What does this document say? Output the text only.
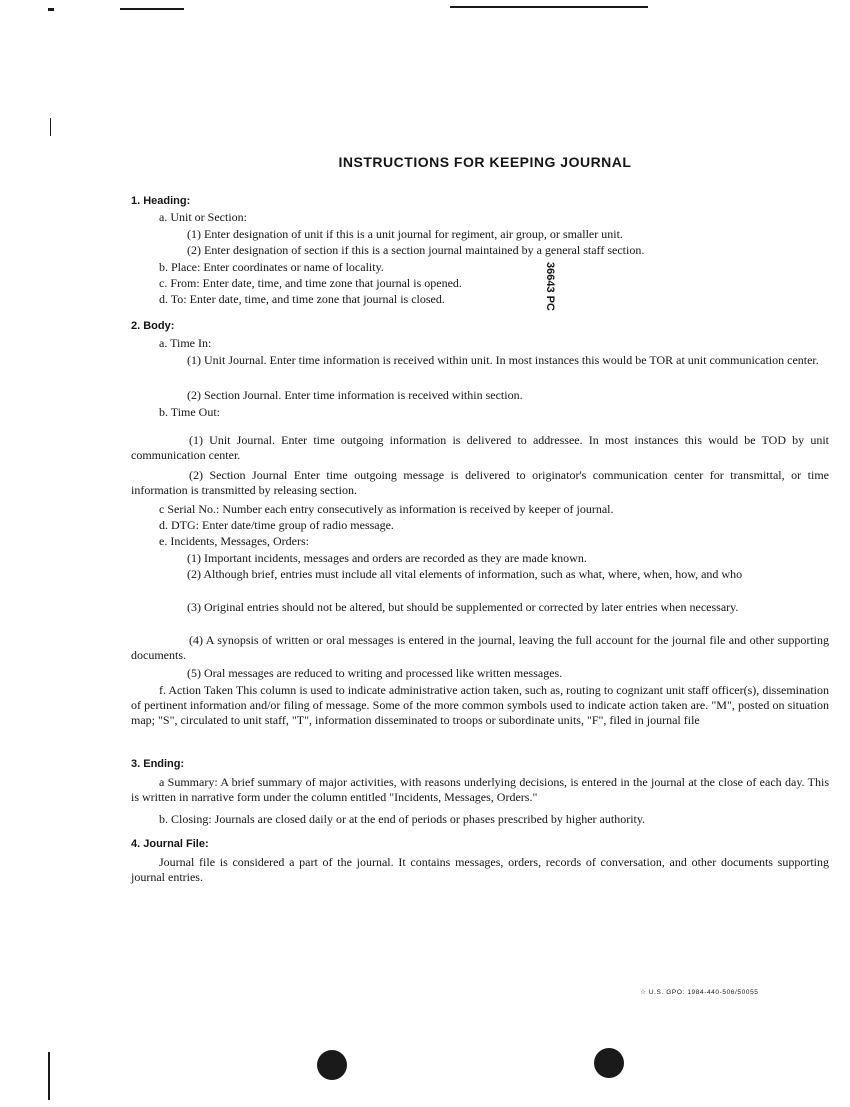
36643 PC
INSTRUCTIONS FOR KEEPING JOURNAL
1. Heading:
a. Unit or Section:
(1) Enter designation of unit if this is a unit journal for regiment, air group, or smaller unit.
(2) Enter designation of section if this is a section journal maintained by a general staff section.
b. Place: Enter coordinates or name of locality.
c. From: Enter date, time, and time zone that journal is opened.
d. To: Enter date, time, and time zone that journal is closed.
2. Body:
a. Time In:
(1) Unit Journal. Enter time information is received within unit. In most instances this would be TOR at unit communication center.
(2) Section Journal. Enter time information is received within section.
b. Time Out:
(1) Unit Journal. Enter time outgoing information is delivered to addressee. In most instances this would be TOD by unit communication center.
(2) Section Journal Enter time outgoing message is delivered to originator's communication center for transmittal, or time information is transmitted by releasing section.
c Serial No.: Number each entry consecutively as information is received by keeper of journal.
d. DTG: Enter date/time group of radio message.
e. Incidents, Messages, Orders:
(1) Important incidents, messages and orders are recorded as they are made known.
(2) Although brief, entries must include all vital elements of information, such as what, where, when, how, and who
(3) Original entries should not be altered, but should be supplemented or corrected by later entries when necessary.
(4) A synopsis of written or oral messages is entered in the journal, leaving the full account for the journal file and other supporting documents.
(5) Oral messages are reduced to writing and processed like written messages.
f. Action Taken This column is used to indicate administrative action taken, such as, routing to cognizant unit staff officer(s), dissemination of pertinent information and/or filing of message. Some of the more common symbols used to indicate action taken are. "M", posted on situation map; "S", circulated to unit staff, "T", information disseminated to troops or subordinate units, "F", filed in journal file
3. Ending:
a Summary: A brief summary of major activities, with reasons underlying decisions, is entered in the journal at the close of each day. This is written in narrative form under the column entitled "Incidents, Messages, Orders."
b. Closing: Journals are closed daily or at the end of periods or phases prescribed by higher authority.
4. Journal File:
Journal file is considered a part of the journal. It contains messages, orders, records of conversation, and other documents supporting journal entries.
☆ U.S. GPO: 1984-440-506/50055
